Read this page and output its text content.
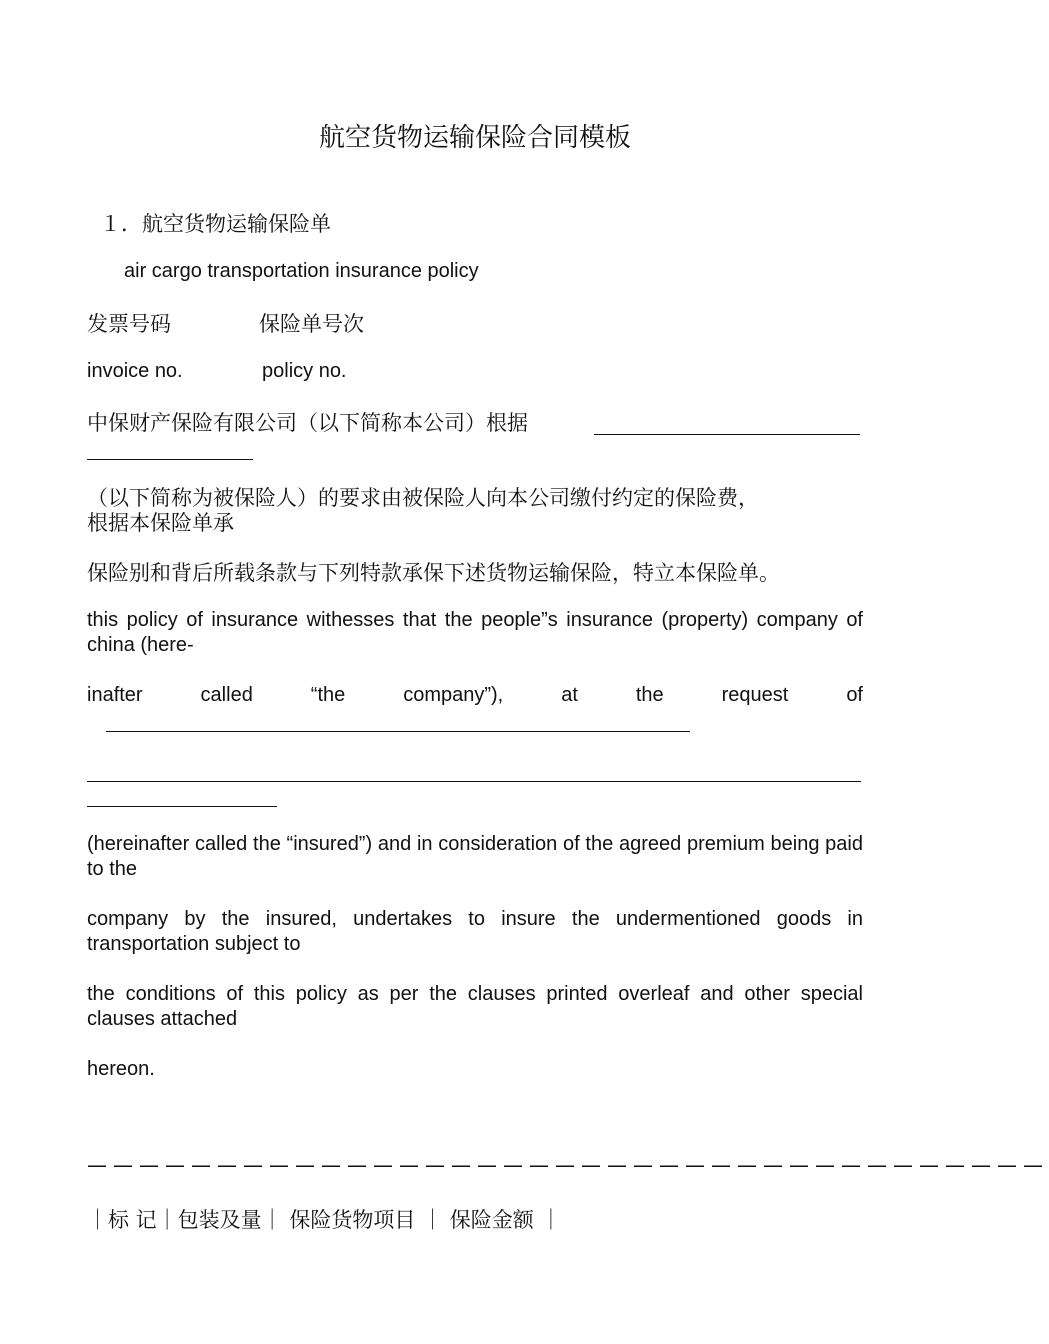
航空货物运输保险合同模板

１．航空货物运输保险单

air cargo transportation insurance policy

发票号码	保险单号次

invoice no.	policy no.

中保财产保险有限公司（以下简称本公司）根据

（以下简称为被保险人）的要求由被保险人向本公司缴付约定的保险费，

根据本保险单承

保险别和背后所载条款与下列特款承保下述货物运输保险，特立本保险单。

this policy of insurance withesses that the people”s insurance (property) company of china (here-

inafter called “the company”), at the request of

(hereinafter called the “insured”) and in consideration of the agreed premium being paid to the

company by the insured, undertakes to insure the undermentioned goods in transportation subject to

the conditions of this policy as per the clauses printed overleaf and other special clauses attached

hereon.

—————————————————————————————————————

｜标 记｜包装及量｜ 保险货物项目 ｜ 保险金额 ｜
